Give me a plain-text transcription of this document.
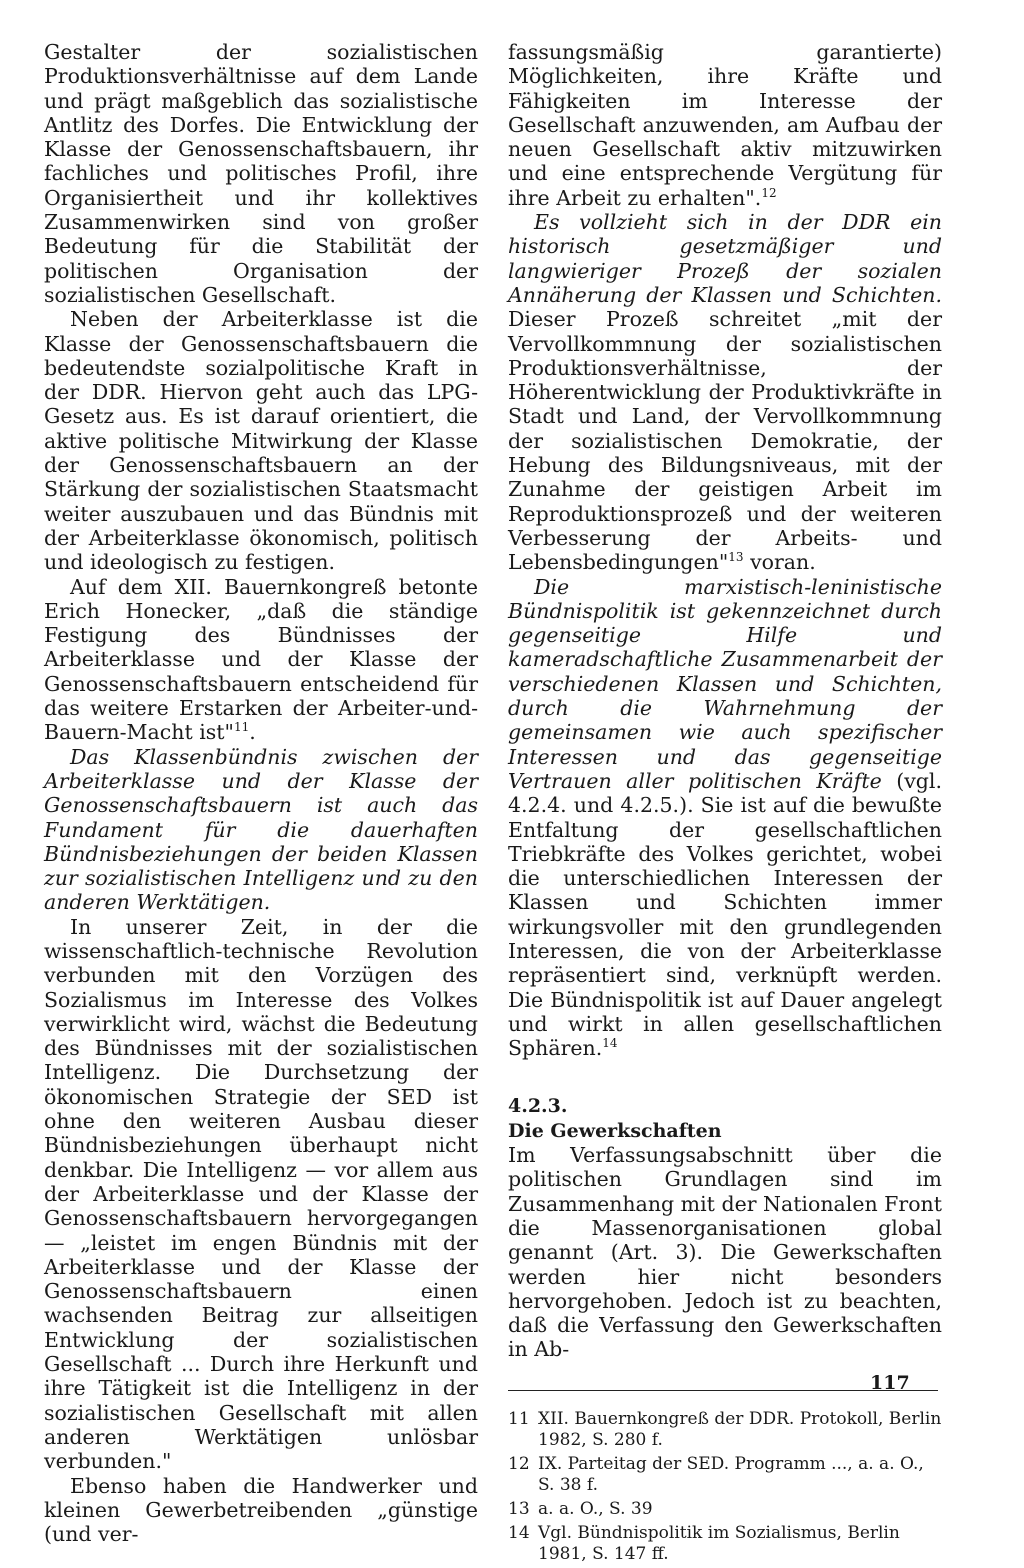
Gestalter der sozialistischen Produktionsverhältnisse auf dem Lande und prägt maßgeblich das sozialistische Antlitz des Dorfes. Die Entwicklung der Klasse der Genossenschaftsbauern, ihr fachliches und politisches Profil, ihre Organisiertheit und ihr kollektives Zusammenwirken sind von großer Bedeutung für die Stabilität der politischen Organisation der sozialistischen Gesellschaft.

Neben der Arbeiterklasse ist die Klasse der Genossenschaftsbauern die bedeutendste sozialpolitische Kraft in der DDR. Hiervon geht auch das LPG-Gesetz aus. Es ist darauf orientiert, die aktive politische Mitwirkung der Klasse der Genossenschaftsbauern an der Stärkung der sozialistischen Staatsmacht weiter auszubauen und das Bündnis mit der Arbeiterklasse ökonomisch, politisch und ideologisch zu festigen.

Auf dem XII. Bauernkongreß betonte Erich Honecker, „daß die ständige Festigung des Bündnisses der Arbeiterklasse und der Klasse der Genossenschaftsbauern entscheidend für das weitere Erstarken der Arbeiter-und-Bauern-Macht ist"$^{11}$.

Das Klassenbündnis zwischen der Arbeiterklasse und der Klasse der Genossenschaftsbauern ist auch das Fundament für die dauerhaften Bündnisbeziehungen der beiden Klassen zur sozialistischen Intelligenz und zu den anderen Werktätigen.

In unserer Zeit, in der die wissenschaftlich-technische Revolution verbunden mit den Vorzügen des Sozialismus im Interesse des Volkes verwirklicht wird, wächst die Bedeutung des Bündnisses mit der sozialistischen Intelligenz. Die Durchsetzung der ökonomischen Strategie der SED ist ohne den weiteren Ausbau dieser Bündnisbeziehungen überhaupt nicht denkbar. Die Intelligenz — vor allem aus der Arbeiterklasse und der Klasse der Genossenschaftsbauern hervorgegangen — „leistet im engen Bündnis mit der Arbeiterklasse und der Klasse der Genossenschaftsbauern einen wachsenden Beitrag zur allseitigen Entwicklung der sozialistischen Gesellschaft ... Durch ihre Herkunft und ihre Tätigkeit ist die Intelligenz in der sozialistischen Gesellschaft mit allen anderen Werktätigen unlösbar verbunden."

Ebenso haben die Handwerker und kleinen Gewerbetreibenden „günstige (und ver-

fassungsmäßig garantierte) Möglichkeiten, ihre Kräfte und Fähigkeiten im Interesse der Gesellschaft anzuwenden, am Aufbau der neuen Gesellschaft aktiv mitzuwirken und eine entsprechende Vergütung für ihre Arbeit zu erhalten".$^{12}$

Es vollzieht sich in der DDR ein historisch gesetzmäßiger und langwieriger Prozeß der sozialen Annäherung der Klassen und Schichten. Dieser Prozeß schreitet „mit der Vervollkommnung der sozialistischen Produktionsverhältnisse, der Höherentwicklung der Produktivkräfte in Stadt und Land, der Vervollkommnung der sozialistischen Demokratie, der Hebung des Bildungsniveaus, mit der Zunahme der geistigen Arbeit im Reproduktionsprozeß und der weiteren Verbesserung der Arbeits- und Lebensbedingungen"$^{13}$ voran.

Die marxistisch-leninistische Bündnispolitik ist gekennzeichnet durch gegenseitige Hilfe und kameradschaftliche Zusammenarbeit der verschiedenen Klassen und Schichten, durch die Wahrnehmung der gemeinsamen wie auch spezifischer Interessen und das gegenseitige Vertrauen aller politischen Kräfte (vgl. 4.2.4. und 4.2.5.). Sie ist auf die bewußte Entfaltung der gesellschaftlichen Triebkräfte des Volkes gerichtet, wobei die unterschiedlichen Interessen der Klassen und Schichten immer wirkungsvoller mit den grundlegenden Interessen, die von der Arbeiterklasse repräsentiert sind, verknüpft werden. Die Bündnispolitik ist auf Dauer angelegt und wirkt in allen gesellschaftlichen Sphären.$^{14}$

4.2.3.
Die Gewerkschaften

Im Verfassungsabschnitt über die politischen Grundlagen sind im Zusammenhang mit der Nationalen Front die Massenorganisationen global genannt (Art. 3). Die Gewerkschaften werden hier nicht besonders hervorgehoben. Jedoch ist zu beachten, daß die Verfassung den Gewerkschaften in Ab-

11 XII. Bauernkongreß der DDR. Protokoll, Berlin 1982, S. 280 f.
12 IX. Parteitag der SED. Programm ..., a. a. O., S. 38 f.
13 a. a. O., S. 39
14 Vgl. Bündnispolitik im Sozialismus, Berlin 1981, S. 147 ff.
117
